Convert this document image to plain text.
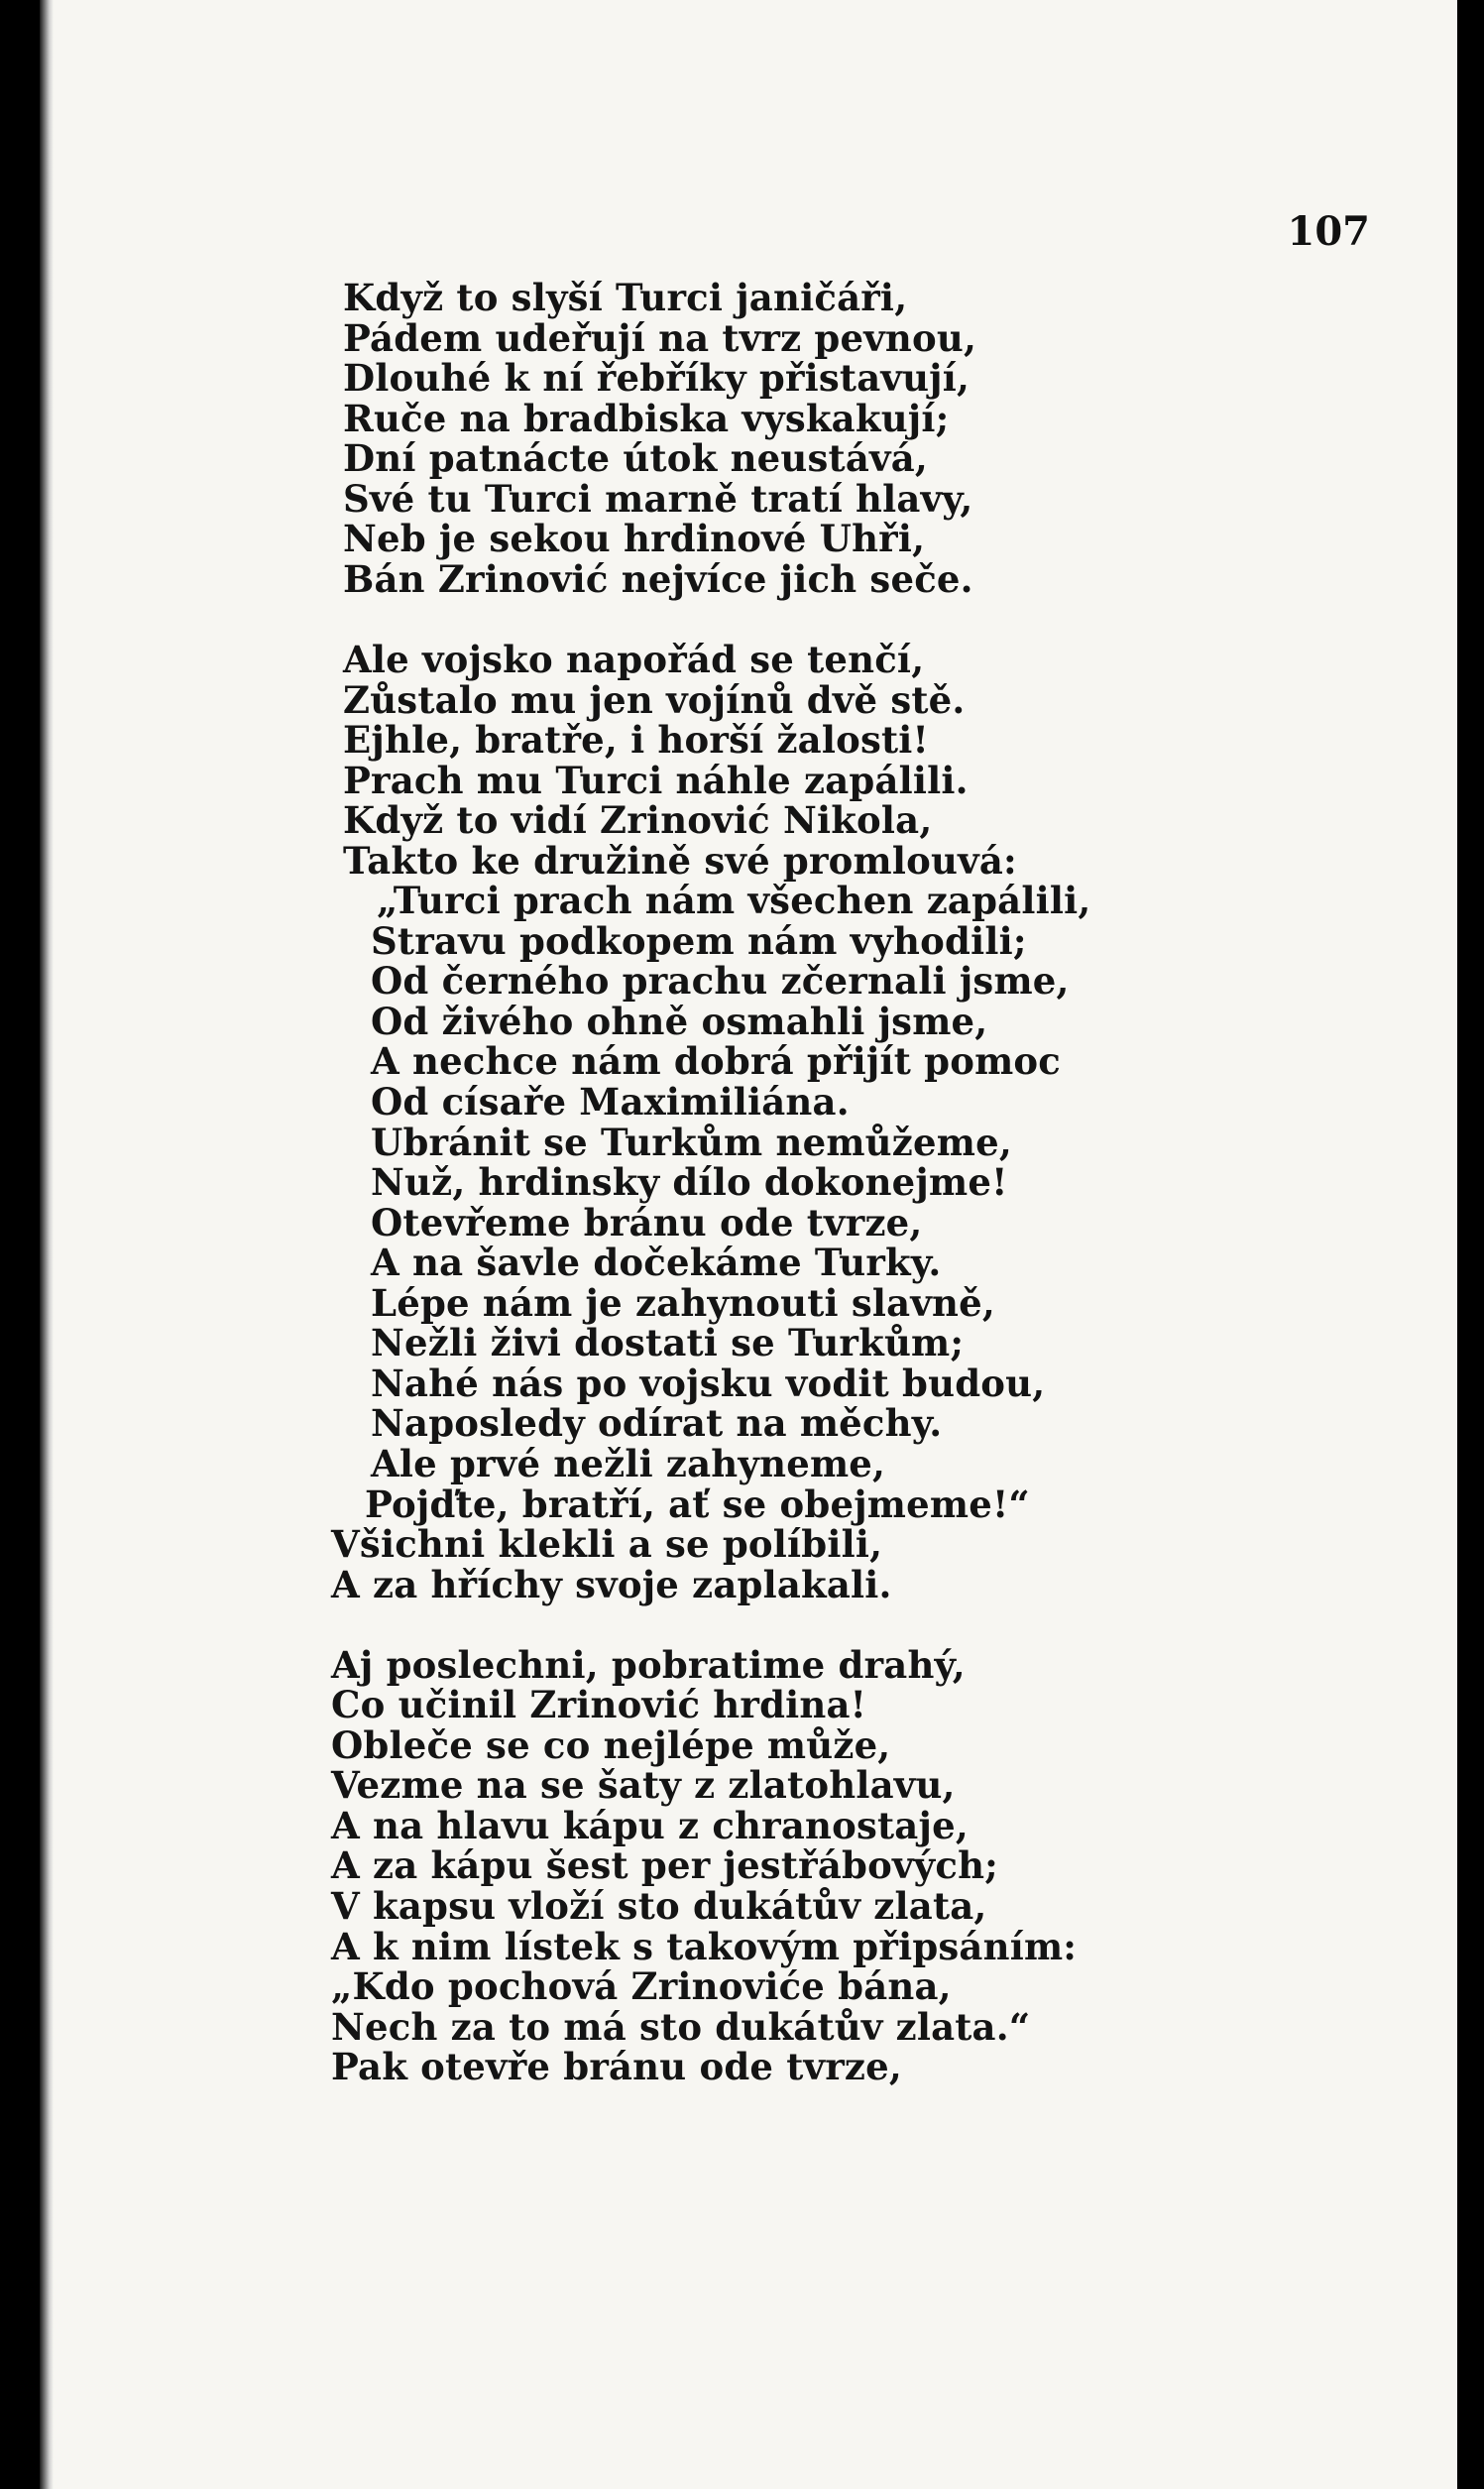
107
Když to slyší Turci janičáři,
Pádem udeřují na tvrz pevnou,
Dlouhé k ní řebříky přistavují,
Ruče na bradbiska vyskakují;
Dní patnácte útok neustává,
Své tu Turci marně tratí hlavy,
Neb je sekou hrdinové Uhři,
Bán Zrinović nejvíce jich seče.
Ale vojsko napořád se tenčí,
Zůstalo mu jen vojínů dvě stě.
Ejhle, bratře, i horší žalosti!
Prach mu Turci náhle zapálili.
Když to vidí Zrinović Nikola,
Takto ke družině své promlouvá:
„Turci prach nám všechen zapálili,
Stravu podkopem nám vyhodili;
Od černého prachu zčernali jsme,
Od živého ohně osmahli jsme,
A nechce nám dobrá přijít pomoc
Od císaře Maximiliána.
Ubránit se Turkům nemůžeme,
Nuž, hrdinsky dílo dokonejme!
Otevřeme bránu ode tvrze,
A na šavle dočekáme Turky.
Lépe nám je zahynouti slavně,
Nežli živi dostati se Turkům;
Nahé nás po vojsku vodit budou,
Naposledy odírat na měchy.
Ale prvé nežli zahyneme,
Pojďte, bratří, ať se obejmeme!“
Všichni klekli a se políbili,
A za hříchy svoje zaplakali.
Aj poslechni, pobratime drahý,
Co učinil Zrinović hrdina!
Obleče se co nejlépe může,
Vezme na se šaty z zlatohlavu,
A na hlavu kápu z chranostaje,
A za kápu šest per jestřábových;
V kapsu vloží sto dukátův zlata,
A k nim lístek s takovým připsáním:
„Kdo pochová Zrinoviće bána,
Nech za to má sto dukátův zlata.“
Pak otevře bránu ode tvrze,
